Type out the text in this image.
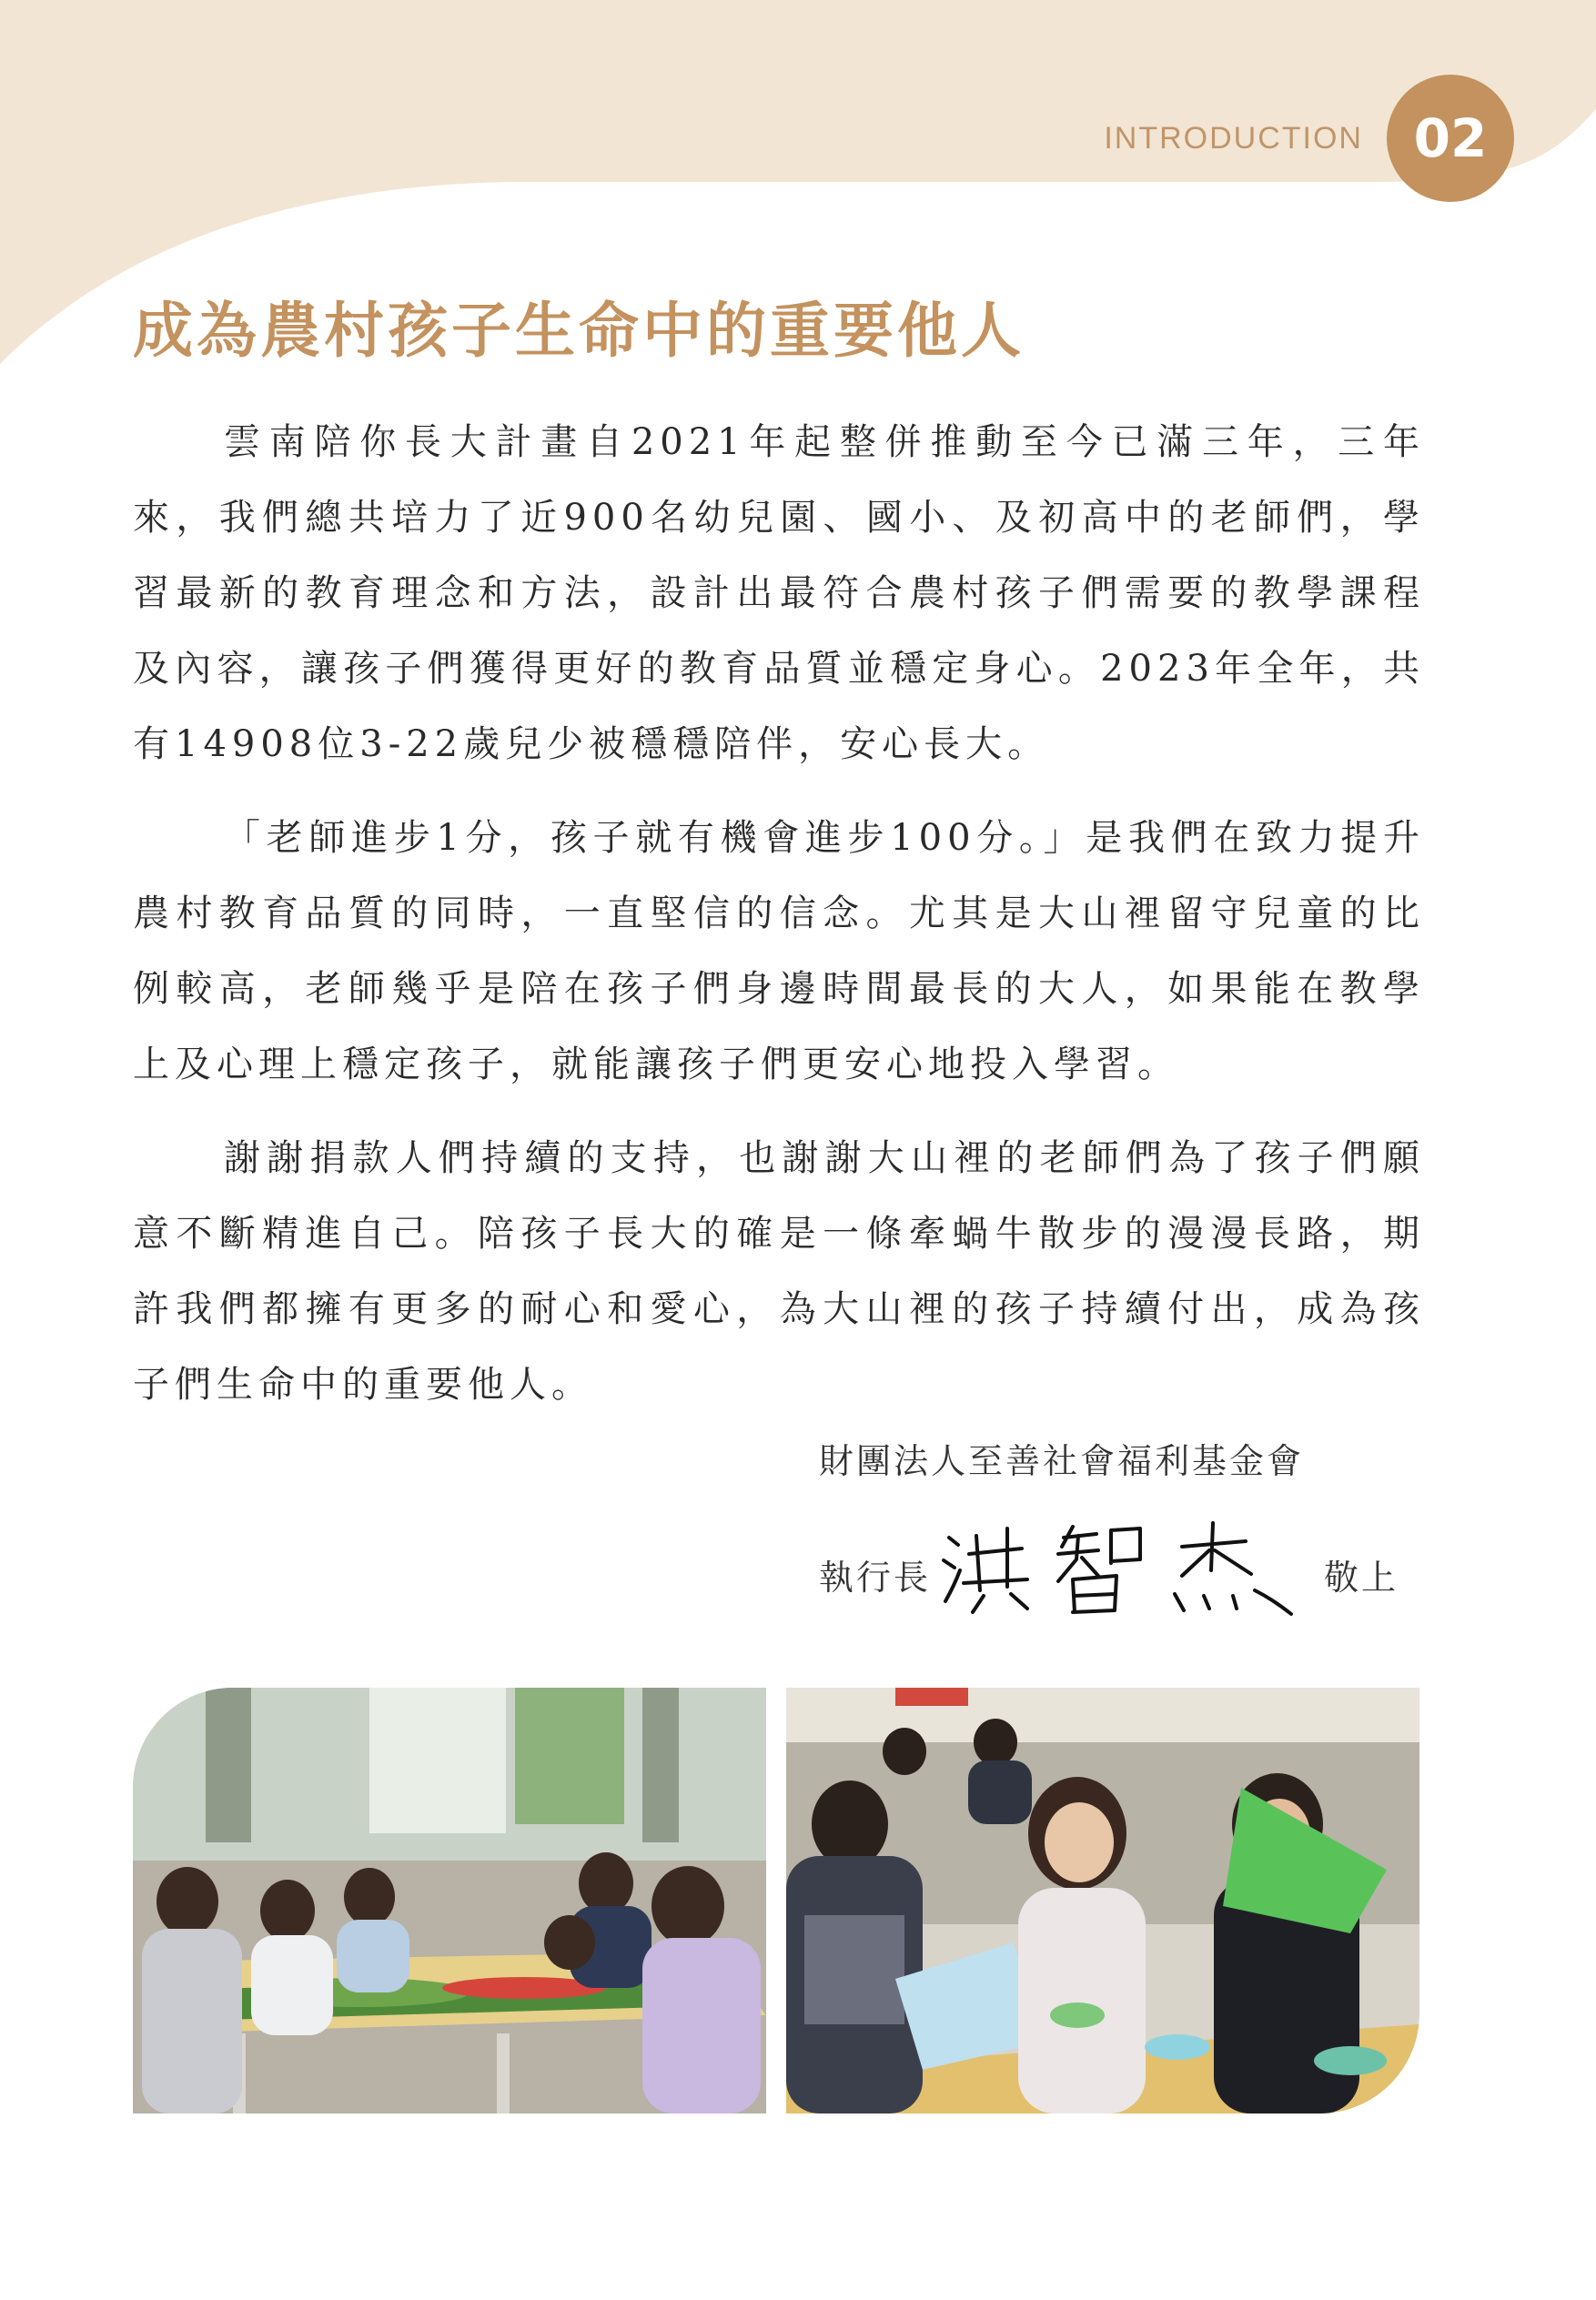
INTRODUCTION 02
成為農村孩子生命中的重要他人

雲南陪你長大計畫自2021年起整併推動至今已滿三年，三年來，我們總共培力了近900名幼兒園、國小、及初高中的老師們，學習最新的教育理念和方法，設計出最符合農村孩子們需要的教學課程及內容，讓孩子們獲得更好的教育品質並穩定身心。2023年全年，共有14908位3-22歲兒少被穩穩陪伴，安心長大。

「老師進步1分，孩子就有機會進步100分。」是我們在致力提升農村教育品質的同時，一直堅信的信念。尤其是大山裡留守兒童的比例較高，老師幾乎是陪在孩子們身邊時間最長的大人，如果能在教學上及心理上穩定孩子，就能讓孩子們更安心地投入學習。

謝謝捐款人們持續的支持，也謝謝大山裡的老師們為了孩子們願意不斷精進自己。陪孩子長大的確是一條牽蝸牛散步的漫漫長路，期許我們都擁有更多的耐心和愛心，為大山裡的孩子持續付出，成為孩子們生命中的重要他人。

財團法人至善社會福利基金會
執行長	敬上
